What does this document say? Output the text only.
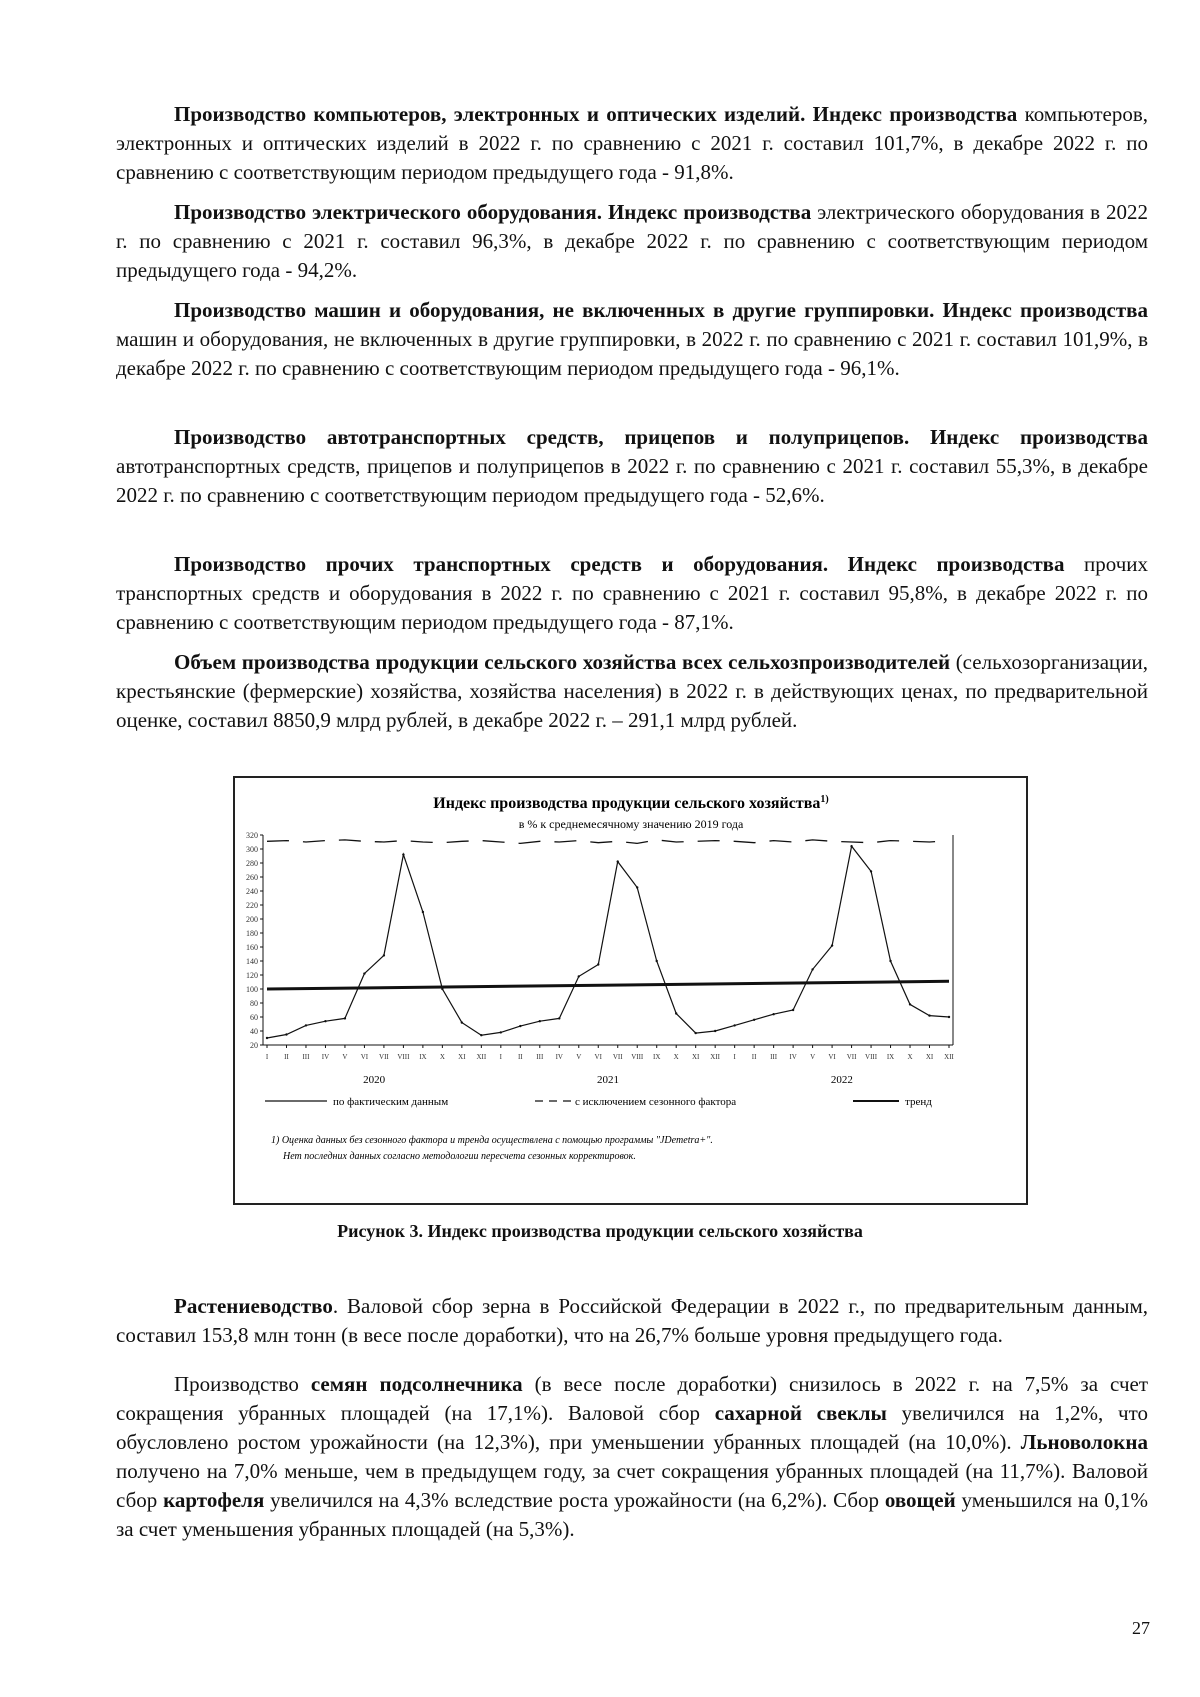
Производство компьютеров, электронных и оптических изделий. Индекс производства компьютеров, электронных и оптических изделий в 2022 г. по сравнению с 2021 г. составил 101,7%, в декабре 2022 г. по сравнению с соответствующим периодом предыдущего года - 91,8%.

Производство электрического оборудования. Индекс производства электрического оборудования в 2022 г. по сравнению с 2021 г. составил 96,3%, в декабре 2022 г. по сравнению с соответствующим периодом предыдущего года - 94,2%.

Производство машин и оборудования, не включенных в другие группировки. Индекс производства машин и оборудования, не включенных в другие группировки, в 2022 г. по сравнению с 2021 г. составил 101,9%, в декабре 2022 г. по сравнению с соответствующим периодом предыдущего года - 96,1%.

Производство автотранспортных средств, прицепов и полуприцепов. Индекс производства автотранспортных средств, прицепов и полуприцепов в 2022 г. по сравнению с 2021 г. составил 55,3%, в декабре 2022 г. по сравнению с соответствующим периодом предыдущего года - 52,6%.

Производство прочих транспортных средств и оборудования. Индекс производства прочих транспортных средств и оборудования в 2022 г. по сравнению с 2021 г. составил 95,8%, в декабре 2022 г. по сравнению с соответствующим периодом предыдущего года - 87,1%.

Объем производства продукции сельского хозяйства всех сельхозпроизводителей (сельхозорганизации, крестьянские (фермерские) хозяйства, хозяйства населения) в 2022 г. в действующих ценах, по предварительной оценке, составил 8850,9 млрд рублей, в декабре 2022 г. – 291,1 млрд рублей.

Индекс производства продукции сельского хозяйства$^{1)}$
в % к среднемесячному значению 2019 года
20
40
60
80
100
120
140
160
180
200
220
240
260
280
300
320
I II III IV V VI VII VIII IX X XI XII I II III IV V VI VII VIII IX X XI XII I II III IV V VI VII VIII IX X XI XII
2020	2021	2022
по фактическим данным	с исключением сезонного фактора	тренд
1) Оценка данных без сезонного фактора и тренда осуществлена с помощью программы "JDemetra+".
Нет последних данных согласно методологии пересчета сезонных корректировок.
Рисунок 3. Индекс производства продукции сельского хозяйства

Растениеводство. Валовой сбор зерна в Российской Федерации в 2022 г., по предварительным данным, составил 153,8 млн тонн (в весе после доработки), что на 26,7% больше уровня предыдущего года.

Производство семян подсолнечника (в весе после доработки) снизилось в 2022 г. на 7,5% за счет сокращения убранных площадей (на 17,1%). Валовой сбор сахарной свеклы увеличился на 1,2%, что обусловлено ростом урожайности (на 12,3%), при уменьшении убранных площадей (на 10,0%). Льноволокна получено на 7,0% меньше, чем в предыдущем году, за счет сокращения убранных площадей (на 11,7%). Валовой сбор картофеля увеличился на 4,3% вследствие роста урожайности (на 6,2%). Сбор овощей уменьшился на 0,1% за счет уменьшения убранных площадей (на 5,3%).

27
